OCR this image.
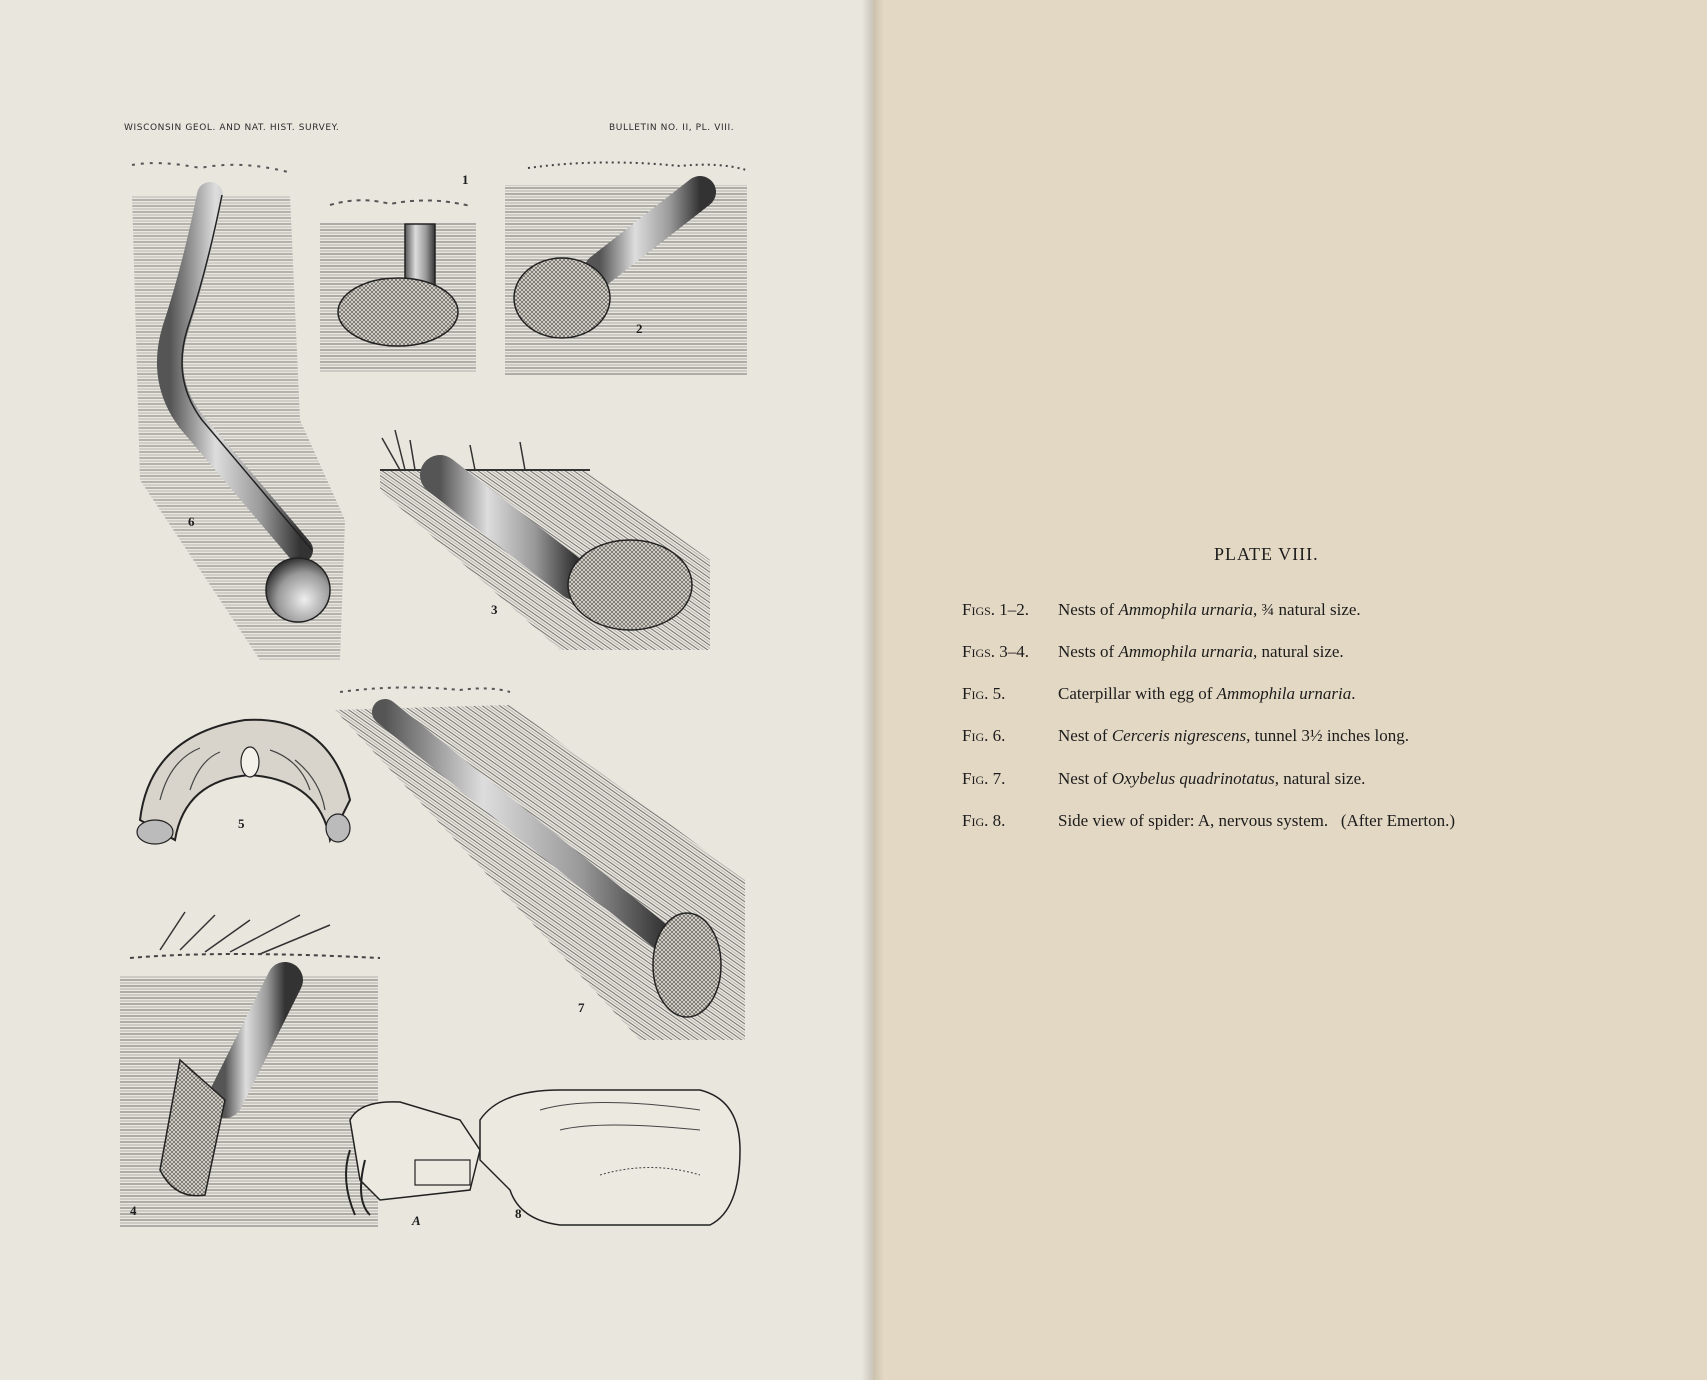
WISCONSIN GEOL. AND NAT. HIST. SURVEY.	BULLETIN NO. II, PL. VIII.
1
2
3
4
5
6
7
8
A
PLATE VIII.
Figs. 1–2. Nests of Ammophila urnaria, ¾ natural size.
Figs. 3–4. Nests of Ammophila urnaria, natural size.
Fig. 5.	Caterpillar with egg of Ammophila urnaria.
Fig. 6.	Nest of Cerceris nigrescens, tunnel 3½ inches long.
Fig. 7.	Nest of Oxybelus quadrinotatus, natural size.
Fig. 8.	Side view of spider: A, nervous system.   (After Emerton.)
